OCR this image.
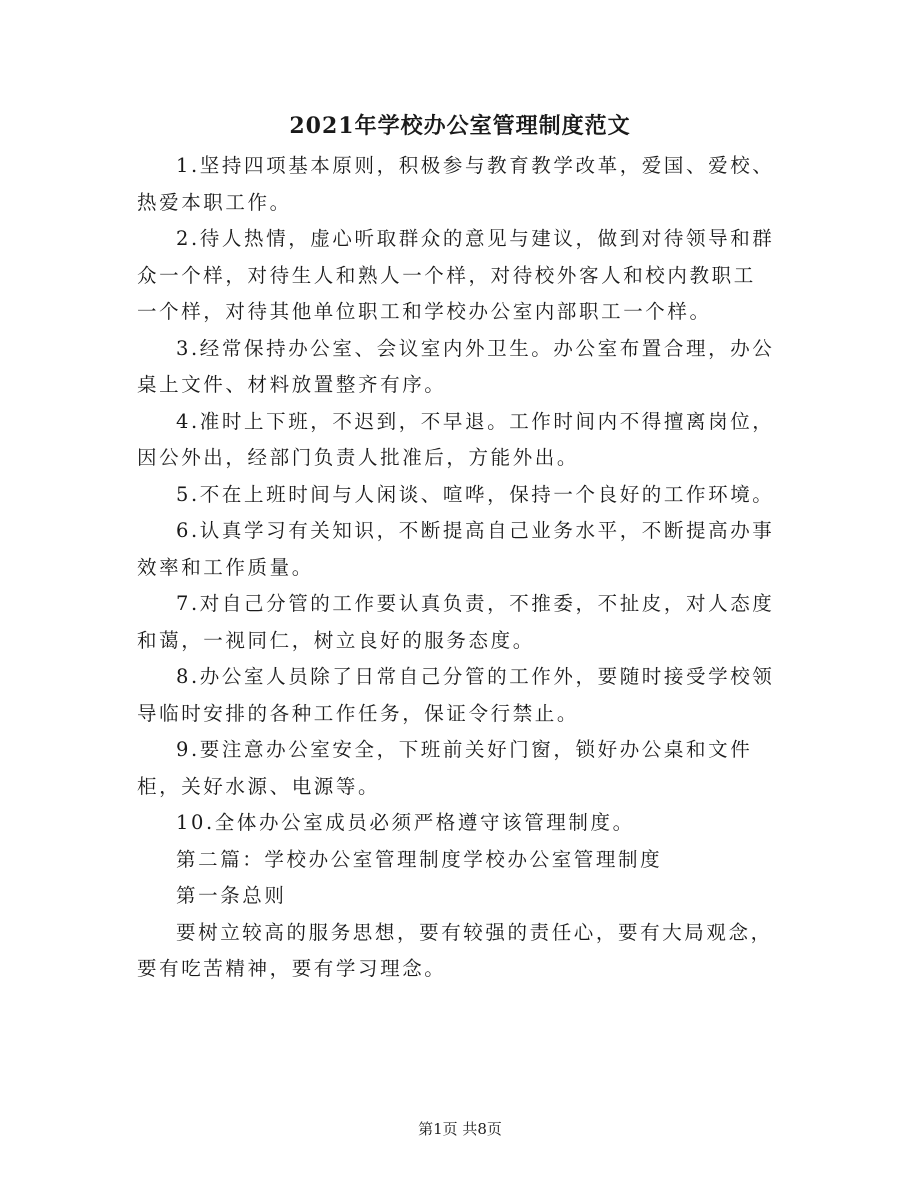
2021年学校办公室管理制度范文

1.坚持四项基本原则，积极参与教育教学改革，爱国、爱校、热爱本职工作。

2.待人热情，虚心听取群众的意见与建议，做到对待领导和群众一个样，对待生人和熟人一个样，对待校外客人和校内教职工一个样，对待其他单位职工和学校办公室内部职工一个样。

3.经常保持办公室、会议室内外卫生。办公室布置合理，办公桌上文件、材料放置整齐有序。

4.准时上下班，不迟到，不早退。工作时间内不得擅离岗位，因公外出，经部门负责人批准后，方能外出。

5.不在上班时间与人闲谈、喧哗，保持一个良好的工作环境。

6.认真学习有关知识，不断提高自己业务水平，不断提高办事效率和工作质量。

7.对自己分管的工作要认真负责，不推委，不扯皮，对人态度和蔼，一视同仁，树立良好的服务态度。

8.办公室人员除了日常自己分管的工作外，要随时接受学校领导临时安排的各种工作任务，保证令行禁止。

9.要注意办公室安全，下班前关好门窗，锁好办公桌和文件柜，关好水源、电源等。

10.全体办公室成员必须严格遵守该管理制度。

第二篇：学校办公室管理制度学校办公室管理制度

第一条总则

要树立较高的服务思想，要有较强的责任心，要有大局观念，要有吃苦精神，要有学习理念。

第1页 共8页
